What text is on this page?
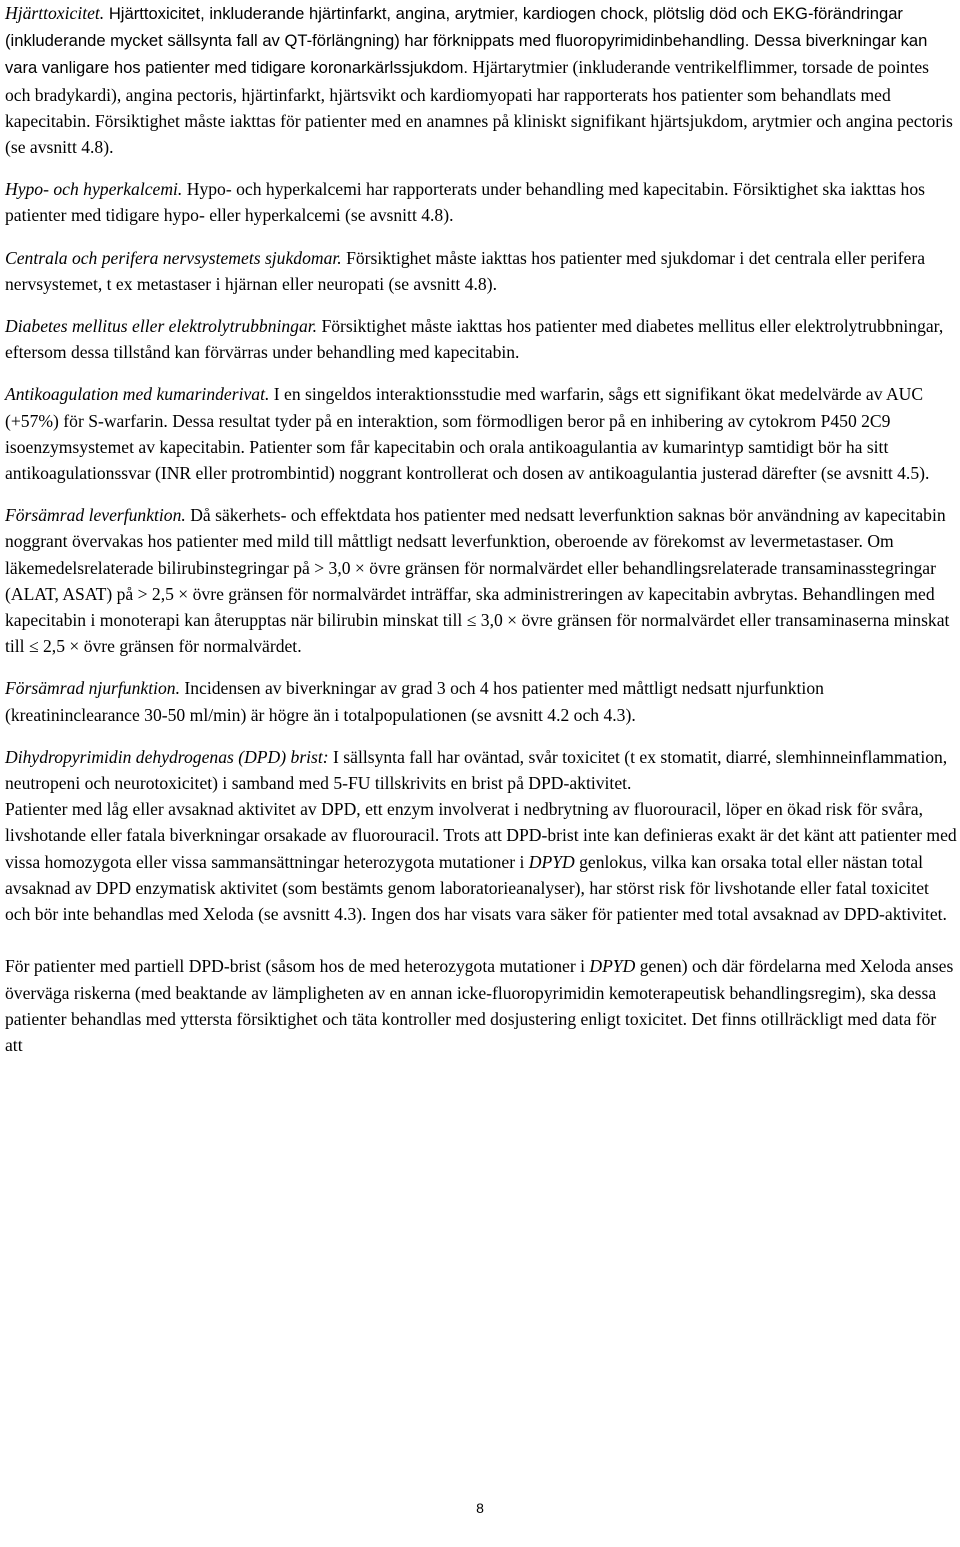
Hjärttoxicitet. Hjärttoxicitet, inkluderande hjärtinfarkt, angina, arytmier, kardiogen chock, plötslig död och EKG-förändringar (inkluderande mycket sällsynta fall av QT-förlängning) har förknippats med fluoropyrimidinbehandling. Dessa biverkningar kan vara vanligare hos patienter med tidigare koronarkärlssjukdom. Hjärtarytmier (inkluderande ventrikelflimmer, torsade de pointes och bradykardi), angina pectoris, hjärtinfarkt, hjärtsvikt och kardiomyopati har rapporterats hos patienter som behandlats med kapecitabin. Försiktighet måste iakttas för patienter med en anamnes på kliniskt signifikant hjärtsjukdom, arytmier och angina pectoris (se avsnitt 4.8).

Hypo- och hyperkalcemi. Hypo- och hyperkalcemi har rapporterats under behandling med kapecitabin. Försiktighet ska iakttas hos patienter med tidigare hypo- eller hyperkalcemi (se avsnitt 4.8).

Centrala och perifera nervsystemets sjukdomar. Försiktighet måste iakttas hos patienter med sjukdomar i det centrala eller perifera nervsystemet, t ex metastaser i hjärnan eller neuropati (se avsnitt 4.8).

Diabetes mellitus eller elektrolytrubbningar. Försiktighet måste iakttas hos patienter med diabetes mellitus eller elektrolytrubbningar, eftersom dessa tillstånd kan förvärras under behandling med kapecitabin.

Antikoagulation med kumarinderivat. I en singeldos interaktionsstudie med warfarin, sågs ett signifikant ökat medelvärde av AUC (+57%) för S-warfarin. Dessa resultat tyder på en interaktion, som förmodligen beror på en inhibering av cytokrom P450 2C9 isoenzymsystemet av kapecitabin. Patienter som får kapecitabin och orala antikoagulantia av kumarintyp samtidigt bör ha sitt antikoagulationssvar (INR eller protrombintid) noggrant kontrollerat och dosen av antikoagulantia justerad därefter (se avsnitt 4.5).

Försämrad leverfunktion. Då säkerhets- och effektdata hos patienter med nedsatt leverfunktion saknas bör användning av kapecitabin noggrant övervakas hos patienter med mild till måttligt nedsatt leverfunktion, oberoende av förekomst av levermetastaser. Om läkemedelsrelaterade bilirubinstegringar på > 3,0 × övre gränsen för normalvärdet eller behandlingsrelaterade transaminasstegringar (ALAT, ASAT) på > 2,5 × övre gränsen för normalvärdet inträffar, ska administreringen av kapecitabin avbrytas. Behandlingen med kapecitabin i monoterapi kan återupptas när bilirubin minskat till ≤ 3,0 × övre gränsen för normalvärdet eller transaminaserna minskat till ≤ 2,5 × övre gränsen för normalvärdet.

Försämrad njurfunktion. Incidensen av biverkningar av grad 3 och 4 hos patienter med måttligt nedsatt njurfunktion (kreatininclearance 30-50 ml/min) är högre än i totalpopulationen (se avsnitt 4.2 och 4.3).

Dihydropyrimidin dehydrogenas (DPD) brist: I sällsynta fall har oväntad, svår toxicitet (t ex stomatit, diarré, slemhinneinflammation, neutropeni och neurotoxicitet) i samband med 5-FU tillskrivits en brist på DPD-aktivitet.

Patienter med låg eller avsaknad aktivitet av DPD, ett enzym involverat i nedbrytning av fluorouracil, löper en ökad risk för svåra, livshotande eller fatala biverkningar orsakade av fluorouracil. Trots att DPD-brist inte kan definieras exakt är det känt att patienter med vissa homozygota eller vissa sammansättningar heterozygota mutationer i DPYD genlokus, vilka kan orsaka total eller nästan total avsaknad av DPD enzymatisk aktivitet (som bestämts genom laboratorieanalyser), har störst risk för livshotande eller fatal toxicitet och bör inte behandlas med Xeloda (se avsnitt 4.3). Ingen dos har visats vara säker för patienter med total avsaknad av DPD-aktivitet.

För patienter med partiell DPD-brist (såsom hos de med heterozygota mutationer i DPYD genen) och där fördelarna med Xeloda anses överväga riskerna (med beaktande av lämpligheten av en annan icke-fluoropyrimidin kemoterapeutisk behandlingsregim), ska dessa patienter behandlas med yttersta försiktighet och täta kontroller med dosjustering enligt toxicitet. Det finns otillräckligt med data för att

8
